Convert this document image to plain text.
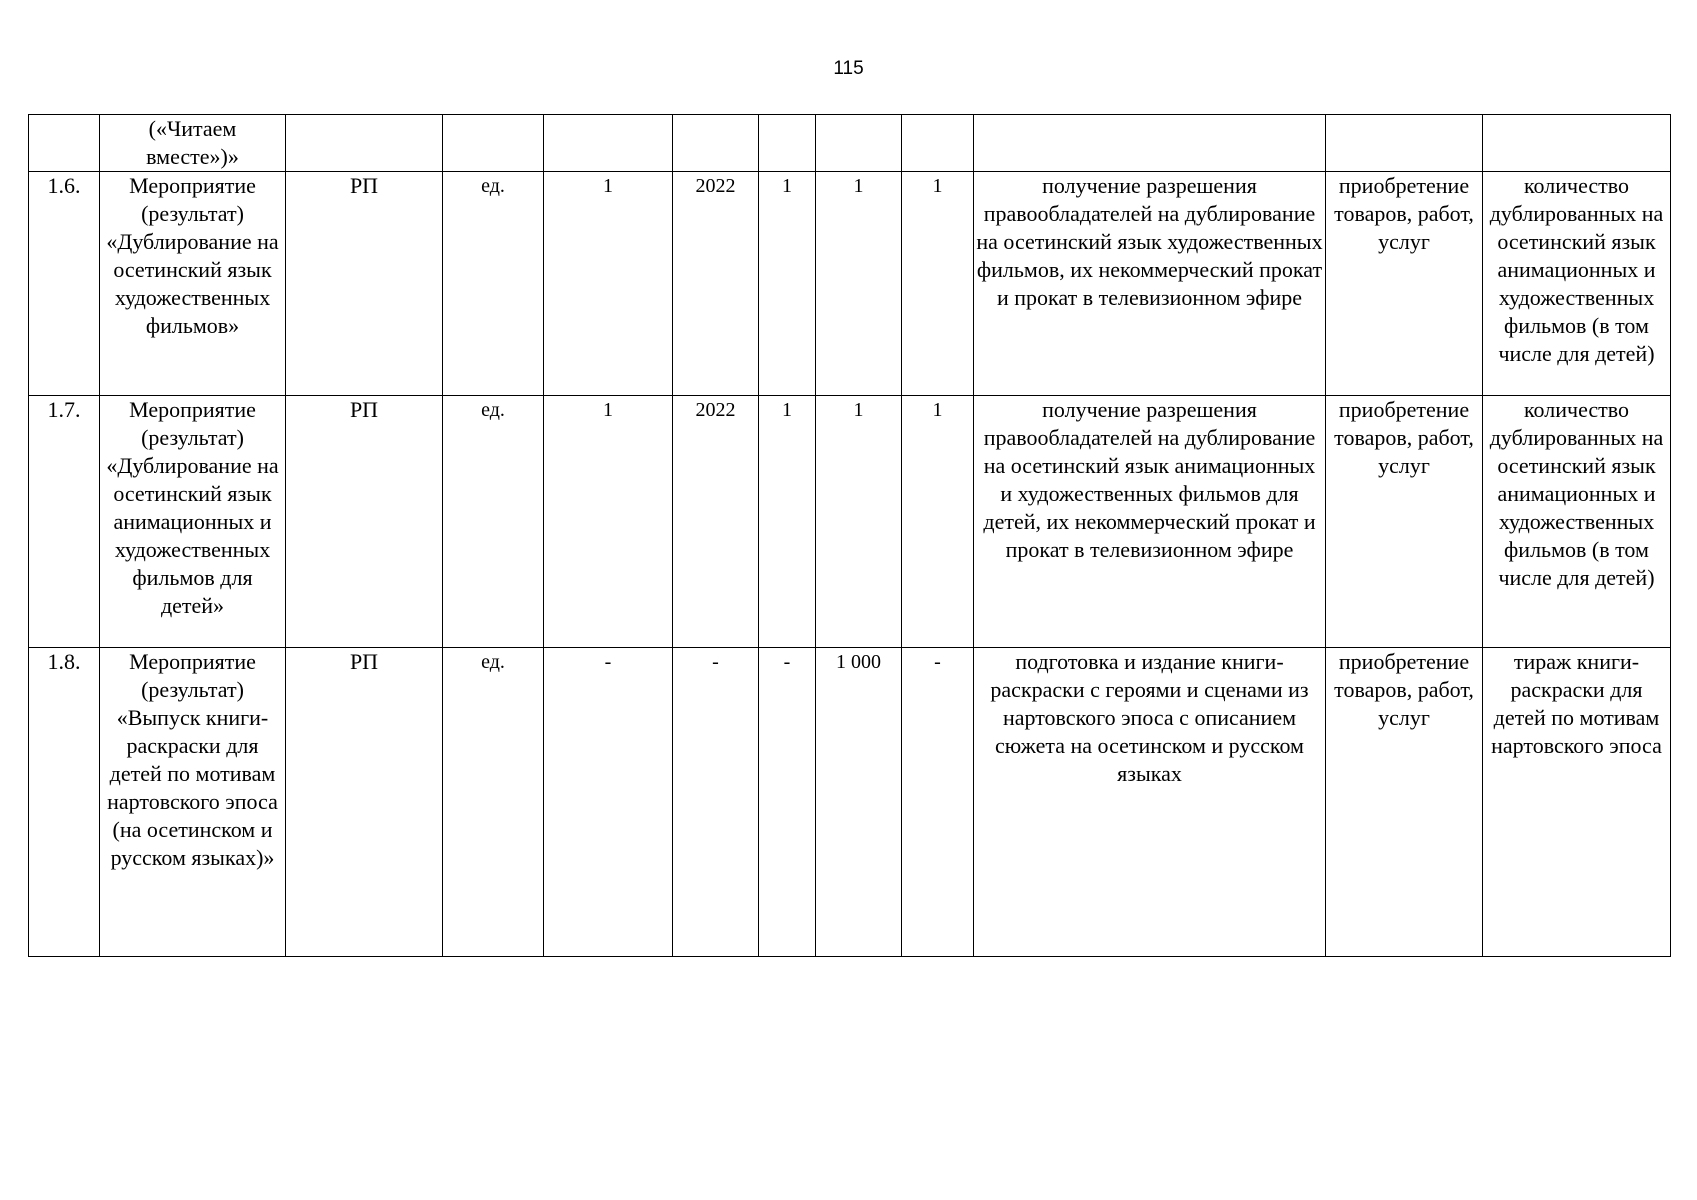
115
	(«Читаем вместе»)»										
1.6.	Мероприятие (результат) «Дублирование на осетинский язык художественных фильмов»	РП	ед.	1	2022	1	1	1	получение разрешения правообладателей на дублирование на осетинский язык художественных фильмов, их некоммерческий прокат и прокат в телевизионном эфире	приобретение товаров, работ, услуг	количество дублированных на осетинский язык анимационных и художественных фильмов (в том числе для детей)
1.7.	Мероприятие (результат) «Дублирование на осетинский язык анимационных и художественных фильмов для детей»	РП	ед.	1	2022	1	1	1	получение разрешения правообладателей на дублирование на осетинский язык анимационных и художественных фильмов для детей, их некоммерческий прокат и прокат в телевизионном эфире	приобретение товаров, работ, услуг	количество дублированных на осетинский язык анимационных и художественных фильмов (в том числе для детей)
1.8.	Мероприятие (результат) «Выпуск книги-раскраски для детей по мотивам нартовского эпоса (на осетинском и русском языках)»	РП	ед.	-	-	-	1 000	-	подготовка и издание книги-раскраски с героями и сценами из нартовского эпоса с описанием сюжета на осетинском и русском языках	приобретение товаров, работ, услуг	тираж книги-раскраски для детей по мотивам нартовского эпоса
